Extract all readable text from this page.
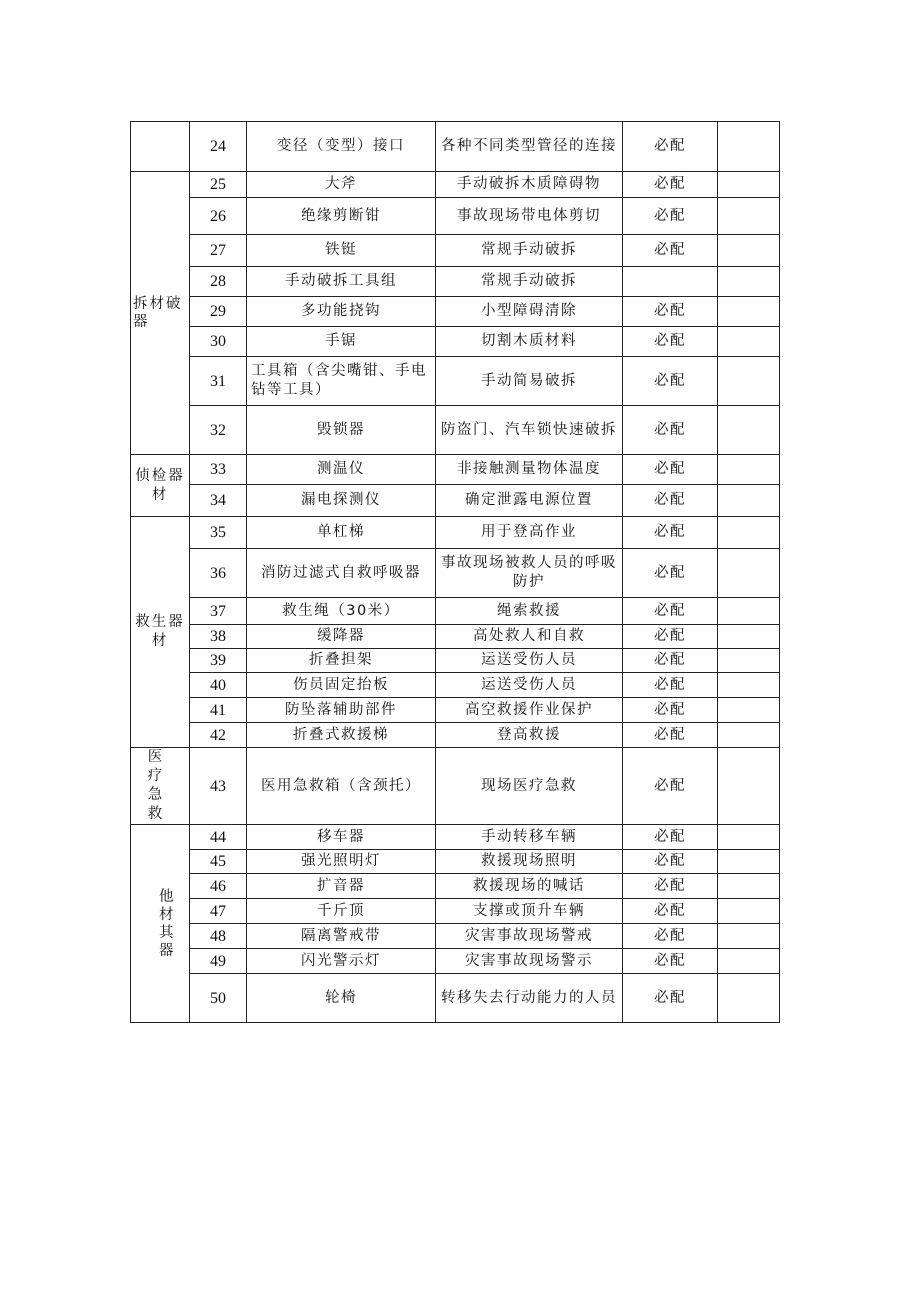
	24	变径（变型）接口	各种不同类型管径的连接	必配	
拆材破器	25	大斧	手动破拆木质障碍物	必配	
	26	绝缘剪断钳	事故现场带电体剪切	必配	
	27	铁铤	常规手动破拆	必配	
	28	手动破拆工具组	常规手动破拆		
	29	多功能挠钩	小型障碍清除	必配	
	30	手锯	切割木质材料	必配	
	31	工具箱（含尖嘴钳、手电钻等工具）	手动简易破拆	必配	
	32	毁锁器	防盗门、汽车锁快速破拆	必配	
侦检器材	33	测温仪	非接触测量物体温度	必配	
	34	漏电探测仪	确定泄露电源位置	必配	
救生器材	35	单杠梯	用于登高作业	必配	
	36	消防过滤式自救呼吸器	事故现场被救人员的呼吸防护	必配	
	37	救生绳（30米）	绳索救援	必配	
	38	缓降器	高处救人和自救	必配	
	39	折叠担架	运送受伤人员	必配	
	40	伤员固定抬板	运送受伤人员	必配	
	41	防坠落辅助部件	高空救援作业保护	必配	
	42	折叠式救援梯	登高救援	必配	
医疗急救	43	医用急救箱（含颈托）	现场医疗急救	必配	
他材其器	44	移车器	手动转移车辆	必配	
	45	强光照明灯	救援现场照明	必配	
	46	扩音器	救援现场的喊话	必配	
	47	千斤顶	支撑或顶升车辆	必配	
	48	隔离警戒带	灾害事故现场警戒	必配	
	49	闪光警示灯	灾害事故现场警示	必配	
	50	轮椅	转移失去行动能力的人员	必配	
